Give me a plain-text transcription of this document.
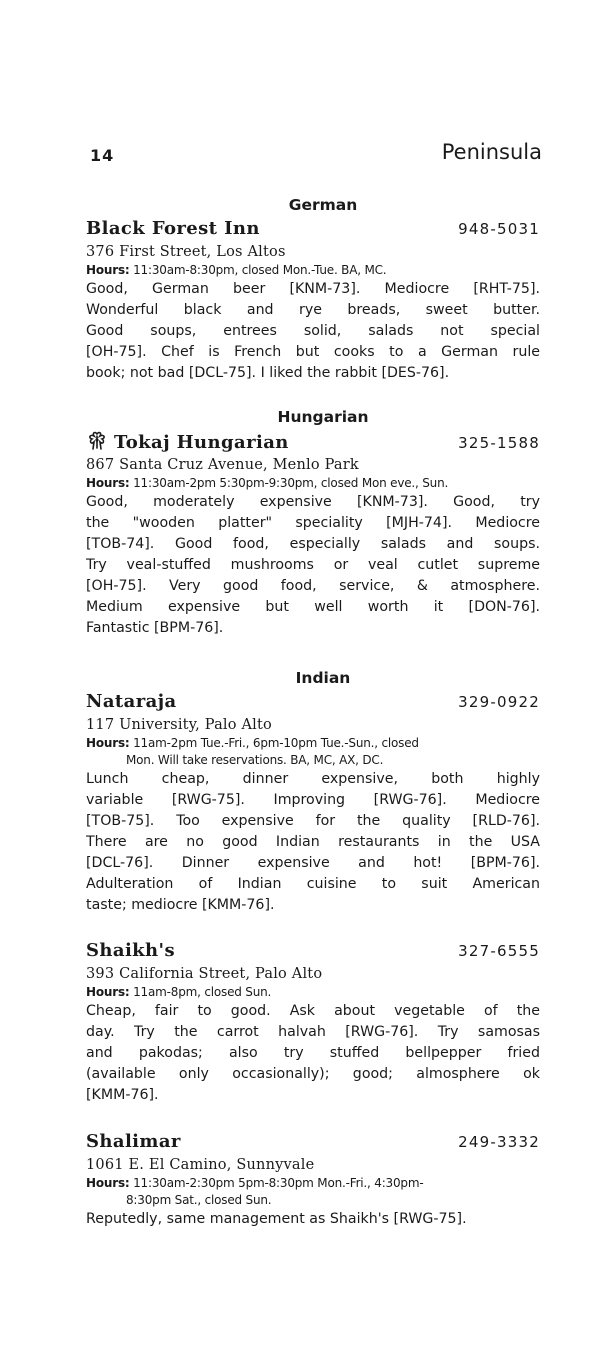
14	Peninsula
German
Black Forest Inn	948-5031
376 First Street, Los Altos
Hours: 11:30am-8:30pm, closed Mon.-Tue. BA, MC.
Good, German beer [KNM-73]. Mediocre [RHT-75].
Wonderful black and rye breads, sweet butter.
Good soups, entrees solid, salads not special
[OH-75]. Chef is French but cooks to a German rule
book; not bad [DCL-75]. I liked the rabbit [DES-76].
Hungarian
Tokaj Hungarian	325-1588
867 Santa Cruz Avenue, Menlo Park
Hours: 11:30am-2pm 5:30pm-9:30pm, closed Mon eve., Sun.
Good, moderately expensive [KNM-73]. Good, try
the "wooden platter" speciality [MJH-74]. Mediocre
[TOB-74]. Good food, especially salads and soups.
Try veal-stuffed mushrooms or veal cutlet supreme
[OH-75]. Very good food, service, & atmosphere.
Medium expensive but well worth it [DON-76].
Fantastic [BPM-76].
Indian
Nataraja	329-0922
117 University, Palo Alto
Hours: 11am-2pm Tue.-Fri., 6pm-10pm Tue.-Sun., closed
Mon. Will take reservations. BA, MC, AX, DC.
Lunch cheap, dinner expensive, both highly
variable [RWG-75]. Improving [RWG-76]. Mediocre
[TOB-75]. Too expensive for the quality [RLD-76].
There are no good Indian restaurants in the USA
[DCL-76]. Dinner expensive and hot! [BPM-76].
Adulteration of Indian cuisine to suit American
taste; mediocre [KMM-76].
Shaikh's	327-6555
393 California Street, Palo Alto
Hours: 11am-8pm, closed Sun.
Cheap, fair to good. Ask about vegetable of the
day. Try the carrot halvah [RWG-76]. Try samosas
and pakodas; also try stuffed bellpepper fried
(available only occasionally); good; almosphere ok
[KMM-76].
Shalimar	249-3332
1061 E. El Camino, Sunnyvale
Hours: 11:30am-2:30pm 5pm-8:30pm Mon.-Fri., 4:30pm-
8:30pm Sat., closed Sun.
Reputedly, same management as Shaikh's [RWG-75].
